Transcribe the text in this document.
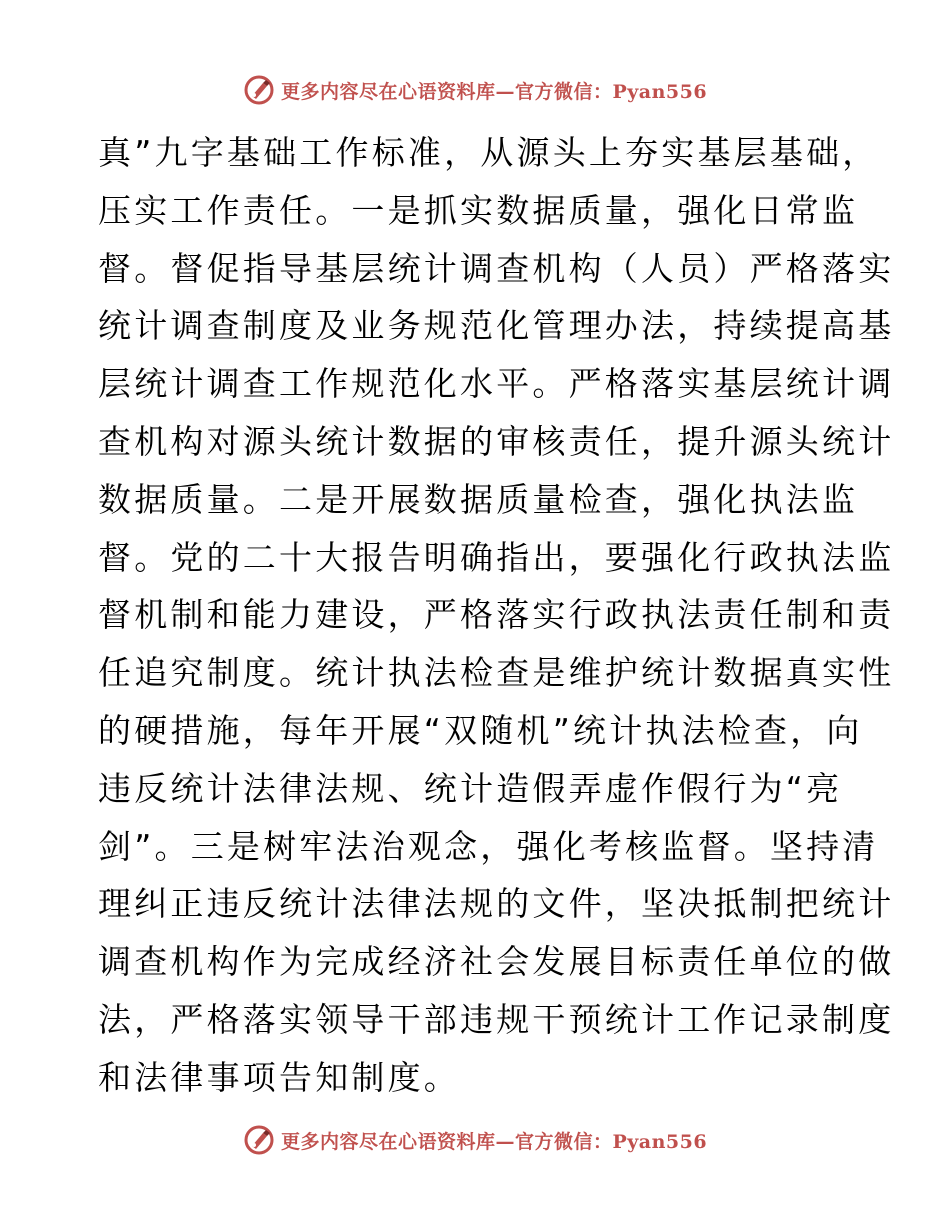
更多内容尽在心语资料库—官方微信：Pyan556
真”九字基础工作标准，从源头上夯实基层基础，
压实工作责任。一是抓实数据质量，强化日常监
督。督促指导基层统计调查机构（人员）严格落实
统计调查制度及业务规范化管理办法，持续提高基
层统计调查工作规范化水平。严格落实基层统计调
查机构对源头统计数据的审核责任，提升源头统计
数据质量。二是开展数据质量检查，强化执法监
督。党的二十大报告明确指出，要强化行政执法监
督机制和能力建设，严格落实行政执法责任制和责
任追究制度。统计执法检查是维护统计数据真实性
的硬措施，每年开展“双随机”统计执法检查，向
违反统计法律法规、统计造假弄虚作假行为“亮
剑”。三是树牢法治观念，强化考核监督。坚持清
理纠正违反统计法律法规的文件，坚决抵制把统计
调查机构作为完成经济社会发展目标责任单位的做
法，严格落实领导干部违规干预统计工作记录制度
和法律事项告知制度。
更多内容尽在心语资料库—官方微信：Pyan556
